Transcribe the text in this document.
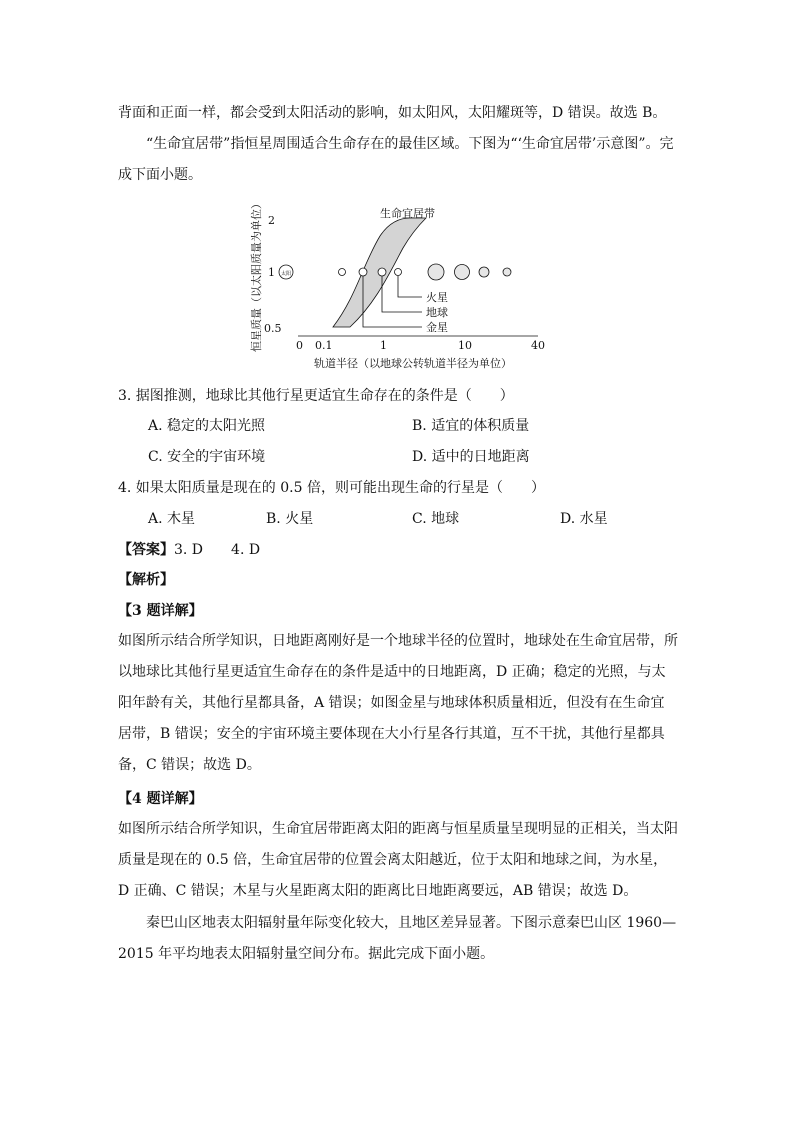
背面和正面一样，都会受到太阳活动的影响，如太阳风，太阳耀斑等，D 错误。故选 B。

“生命宜居带”指恒星周围适合生命存在的最佳区域。下图为“‘生命宜居带’示意图”。完成下面小题。

恒星质量（以太阳质量为单位） 2
1
0.5
0 0.1	1	10	40
轨道半径（以地球公转轨道半径为单位）
生命宜居带
太阳
火星
地球
金星
3. 据图推测，地球比其他行星更适宜生命存在的条件是（　　）
A. 稳定的太阳光照	B. 适宜的体积质量
C. 安全的宇宙环境	D. 适中的日地距离
4. 如果太阳质量是现在的 0.5 倍，则可能出现生命的行星是（　　）
A. 木星	B. 火星	C. 地球	D. 水星
【答案】3. D　　4. D
【解析】
【3 题详解】

如图所示结合所学知识，日地距离刚好是一个地球半径的位置时，地球处在生命宜居带，所以地球比其他行星更适宜生命存在的条件是适中的日地距离，D 正确；稳定的光照，与太阳年龄有关，其他行星都具备，A 错误；如图金星与地球体积质量相近，但没有在生命宜居带，B 错误；安全的宇宙环境主要体现在大小行星各行其道，互不干扰，其他行星都具备，C 错误；故选 D。

【4 题详解】

如图所示结合所学知识，生命宜居带距离太阳的距离与恒星质量呈现明显的正相关，当太阳质量是现在的 0.5 倍，生命宜居带的位置会离太阳越近，位于太阳和地球之间，为水星，D 正确、C 错误；木星与火星距离太阳的距离比日地距离要远，AB 错误；故选 D。

秦巴山区地表太阳辐射量年际变化较大，且地区差异显著。下图示意秦巴山区 1960—2015 年平均地表太阳辐射量空间分布。据此完成下面小题。
